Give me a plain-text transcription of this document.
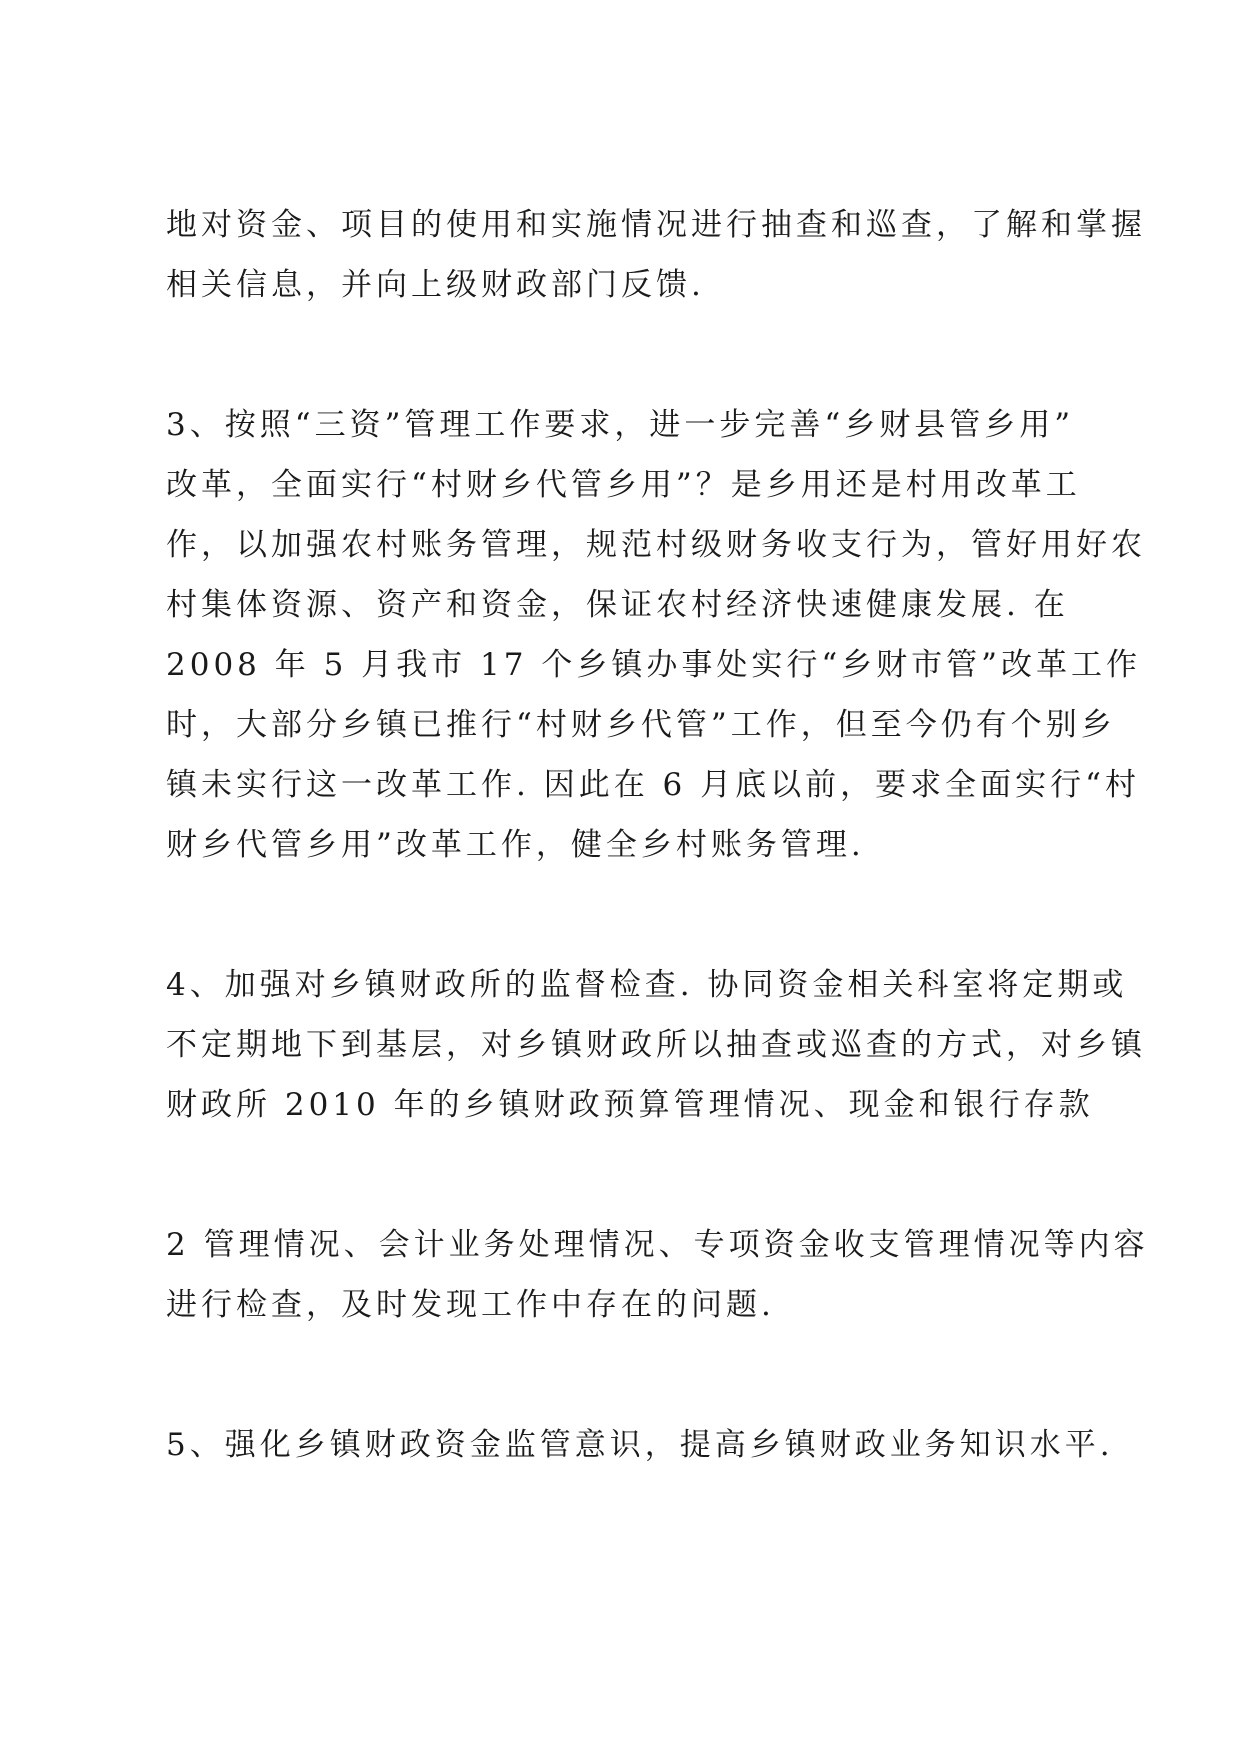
地对资金、项目的使用和实施情况进行抽查和巡查，了解和掌握
相关信息，并向上级财政部门反馈.
3、按照“三资”管理工作要求，进一步完善“乡财县管乡用”
改革，全面实行“村财乡代管乡用”？是乡用还是村用改革工
作，以加强农村账务管理，规范村级财务收支行为，管好用好农
村集体资源、资产和资金，保证农村经济快速健康发展. 在
2008 年 5 月我市 17 个乡镇办事处实行“乡财市管”改革工作
时，大部分乡镇已推行“村财乡代管”工作，但至今仍有个别乡
镇未实行这一改革工作. 因此在 6 月底以前，要求全面实行“村
财乡代管乡用”改革工作，健全乡村账务管理.
4、加强对乡镇财政所的监督检查. 协同资金相关科室将定期或
不定期地下到基层，对乡镇财政所以抽查或巡查的方式，对乡镇
财政所 2010 年的乡镇财政预算管理情况、现金和银行存款
2 管理情况、会计业务处理情况、专项资金收支管理情况等内容
进行检查，及时发现工作中存在的问题.
5、强化乡镇财政资金监管意识，提高乡镇财政业务知识水平.
